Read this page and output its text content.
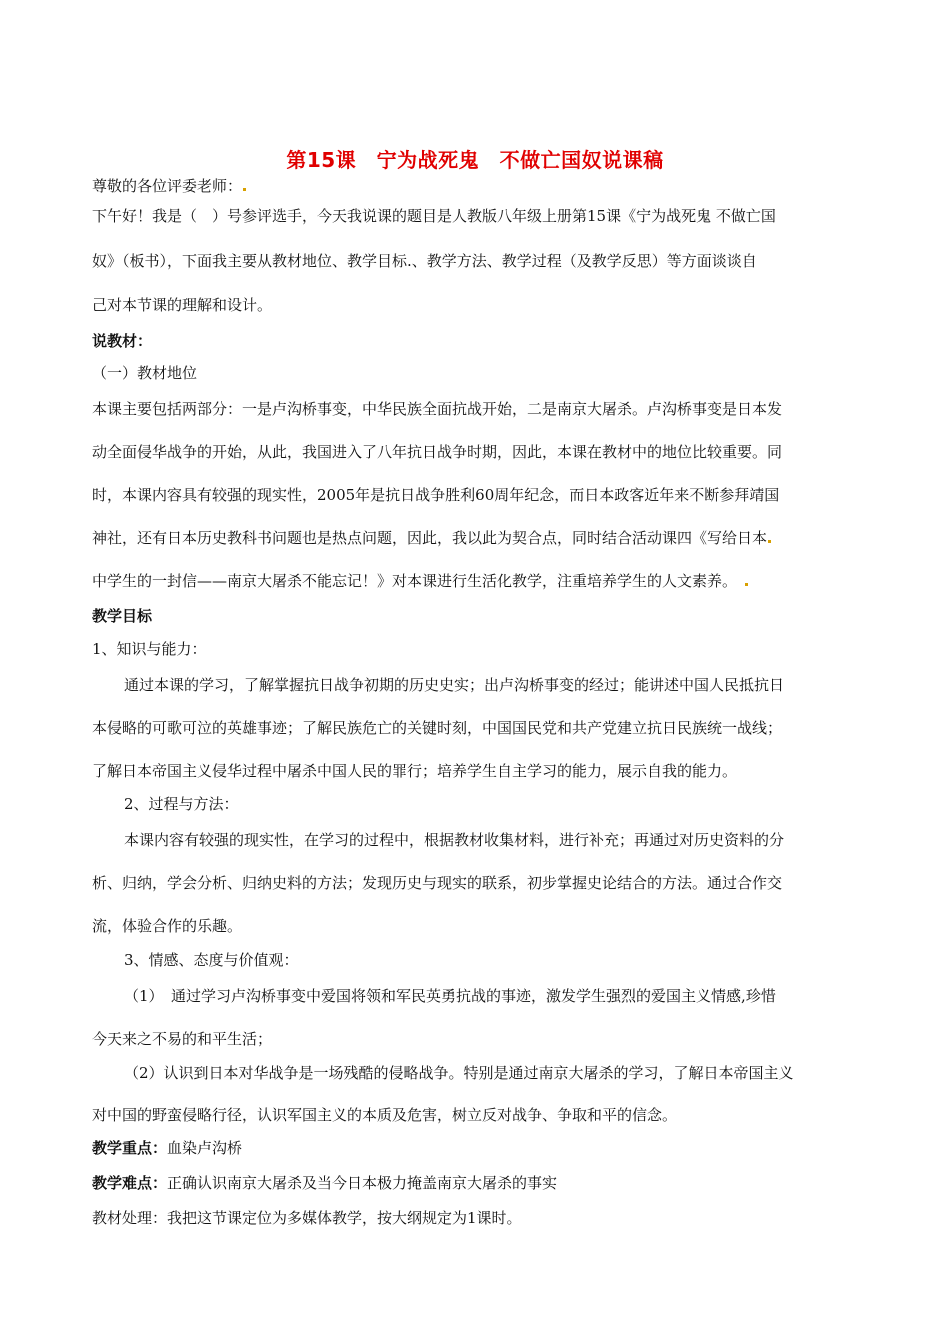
第15课　宁为战死鬼　不做亡国奴说课稿
尊敬的各位评委老师：
下午好！我是（　）号参评选手，今天我说课的题目是人教版八年级上册第15课《宁为战死鬼 不做亡国
奴》（板书），下面我主要从教材地位、教学目标.、教学方法、教学过程（及教学反思）等方面谈谈自
己对本节课的理解和设计。
说教材：
（一）教材地位
本课主要包括两部分：一是卢沟桥事变，中华民族全面抗战开始，二是南京大屠杀。卢沟桥事变是日本发
动全面侵华战争的开始，从此，我国进入了八年抗日战争时期，因此，本课在教材中的地位比较重要。同
时，本课内容具有较强的现实性，2005年是抗日战争胜利60周年纪念，而日本政客近年来不断参拜靖国
神社，还有日本历史教科书问题也是热点问题，因此，我以此为契合点，同时结合活动课四《写给日本
中学生的一封信——南京大屠杀不能忘记！》对本课进行生活化教学，注重培养学生的人文素养。
教学目标
1、知识与能力：
通过本课的学习，了解掌握抗日战争初期的历史史实；出卢沟桥事变的经过；能讲述中国人民抵抗日
本侵略的可歌可泣的英雄事迹；了解民族危亡的关键时刻，中国国民党和共产党建立抗日民族统一战线；
了解日本帝国主义侵华过程中屠杀中国人民的罪行；培养学生自主学习的能力，展示自我的能力。
2、过程与方法：
本课内容有较强的现实性，在学习的过程中，根据教材收集材料，进行补充；再通过对历史资料的分
析、归纳，学会分析、归纳史料的方法；发现历史与现实的联系，初步掌握史论结合的方法。通过合作交
流，体验合作的乐趣。
3、情感、态度与价值观：
（1）　通过学习卢沟桥事变中爱国将领和军民英勇抗战的事迹，激发学生强烈的爱国主义情感,珍惜
今天来之不易的和平生活；
（2）认识到日本对华战争是一场残酷的侵略战争。特别是通过南京大屠杀的学习，了解日本帝国主义
对中国的野蛮侵略行径，认识军国主义的本质及危害，树立反对战争、争取和平的信念。
教学重点：血染卢沟桥
教学难点：正确认识南京大屠杀及当今日本极力掩盖南京大屠杀的事实
教材处理：我把这节课定位为多媒体教学，按大纲规定为1课时。
